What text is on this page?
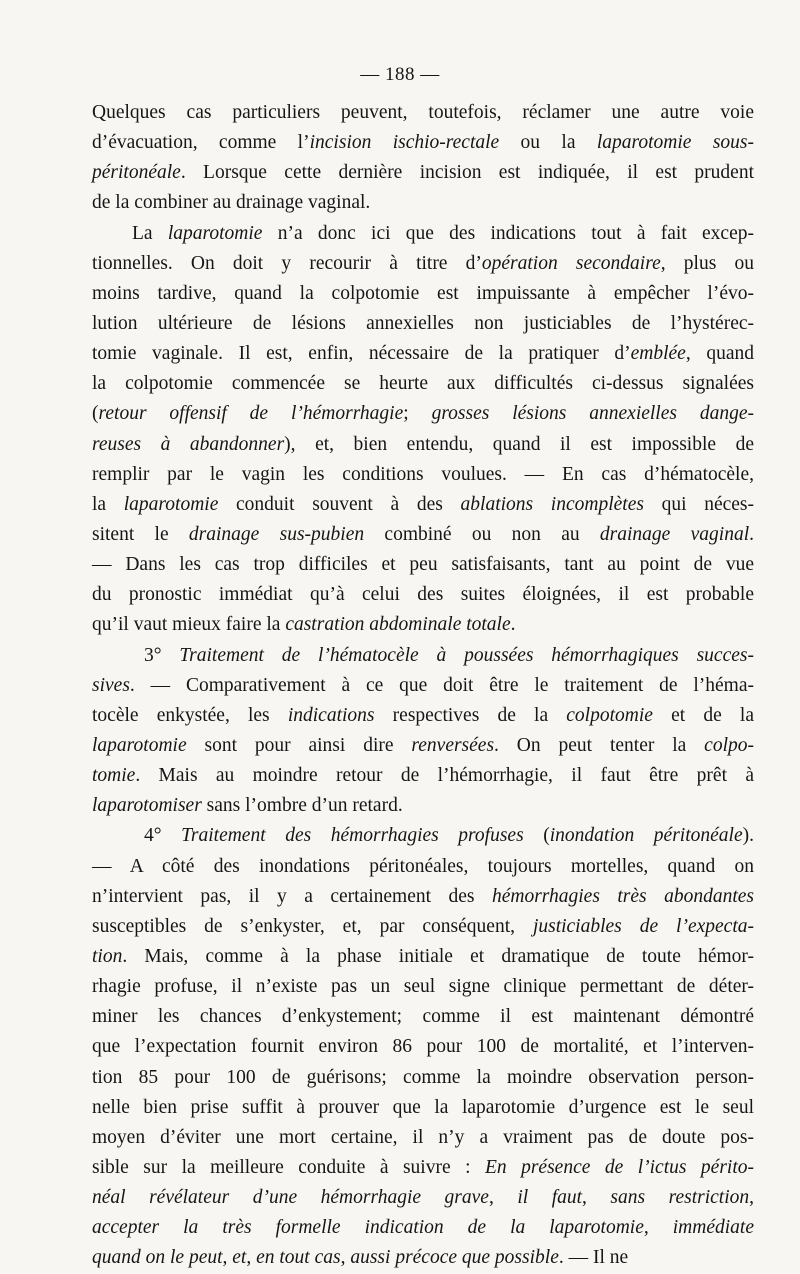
— 188 —
Quelques cas particuliers peuvent, toutefois, réclamer une autre voie
d’évacuation, comme l’incision ischio-rectale ou la laparotomie sous-
péritonéale. Lorsque cette dernière incision est indiquée, il est prudent
de la combiner au drainage vaginal.
La laparotomie n’a donc ici que des indications tout à fait excep-
tionnelles. On doit y recourir à titre d’opération secondaire, plus ou
moins tardive, quand la colpotomie est impuissante à empêcher l’évo-
lution ultérieure de lésions annexielles non justiciables de l’hystérec-
tomie vaginale. Il est, enfin, nécessaire de la pratiquer d’emblée, quand
la colpotomie commencée se heurte aux difficultés ci-dessus signalées
(retour offensif de l’hémorrhagie; grosses lésions annexielles dange-
reuses à abandonner), et, bien entendu, quand il est impossible de
remplir par le vagin les conditions voulues. — En cas d’hématocèle,
la laparotomie conduit souvent à des ablations incomplètes qui néces-
sitent le drainage sus-pubien combiné ou non au drainage vaginal.
— Dans les cas trop difficiles et peu satisfaisants, tant au point de vue
du pronostic immédiat qu’à celui des suites éloignées, il est probable
qu’il vaut mieux faire la castration abdominale totale.
3° Traitement de l’hématocèle à poussées hémorrhagiques succes-
sives. — Comparativement à ce que doit être le traitement de l’héma-
tocèle enkystée, les indications respectives de la colpotomie et de la
laparotomie sont pour ainsi dire renversées. On peut tenter la colpo-
tomie. Mais au moindre retour de l’hémorrhagie, il faut être prêt à
laparotomiser sans l’ombre d’un retard.
4° Traitement des hémorrhagies profuses (inondation péritonéale).
— A côté des inondations péritonéales, toujours mortelles, quand on
n’intervient pas, il y a certainement des hémorrhagies très abondantes
susceptibles de s’enkyster, et, par conséquent, justiciables de l’expecta-
tion. Mais, comme à la phase initiale et dramatique de toute hémor-
rhagie profuse, il n’existe pas un seul signe clinique permettant de déter-
miner les chances d’enkystement; comme il est maintenant démontré
que l’expectation fournit environ 86 pour 100 de mortalité, et l’interven-
tion 85 pour 100 de guérisons; comme la moindre observation person-
nelle bien prise suffit à prouver que la laparotomie d’urgence est le seul
moyen d’éviter une mort certaine, il n’y a vraiment pas de doute pos-
sible sur la meilleure conduite à suivre : En présence de l’ictus périto-
néal révélateur d’une hémorrhagie grave, il faut, sans restriction,
accepter la très formelle indication de la laparotomie, immédiate
quand on le peut, et, en tout cas, aussi précoce que possible. — Il ne
